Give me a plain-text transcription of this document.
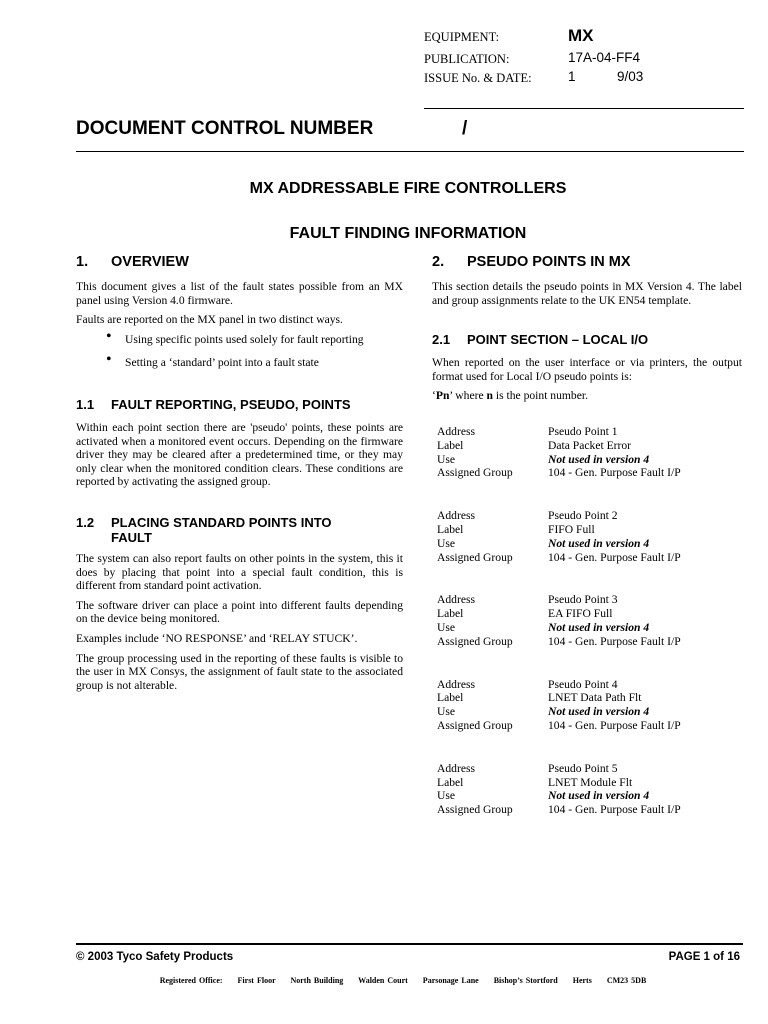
EQUIPMENT:	MX
PUBLICATION:	17A-04-FF4
ISSUE No. & DATE:	1	9/03
DOCUMENT CONTROL NUMBER	/
MX ADDRESSABLE FIRE CONTROLLERS
FAULT FINDING INFORMATION
1. OVERVIEW

This document gives a list of the fault states possible from an MX panel using Version 4.0 firmware.

Faults are reported on the MX panel in two distinct ways.

• Using specific points used solely for fault reporting
• Setting a ‘standard’ point into a fault state
1.1 FAULT REPORTING, PSEUDO, POINTS

Within each point section there are 'pseudo' points, these points are activated when a monitored event occurs. Depending on the firmware driver they may be cleared after a predetermined time, or they may only clear when the monitored condition clears. These conditions are reported by activating the assigned group.

1.2 PLACING STANDARD POINTS INTO
FAULT

The system can also report faults on other points in the system, this it does by placing that point into a special fault condition, this is different from standard point activation.

The software driver can place a point into different faults depending on the device being monitored.

Examples include ‘NO RESPONSE’ and ‘RELAY STUCK’.

The group processing used in the reporting of these faults is visible to the user in MX Consys, the assignment of fault state to the associated group is not alterable.

2. PSEUDO POINTS IN MX

This section details the pseudo points in MX Version 4. The label and group assignments relate to the UK EN54 template.

2.1 POINT SECTION – LOCAL I/O

When reported on the user interface or via printers, the output format used for Local I/O pseudo points is:

‘Pn’ where n is the point number.

Address	Pseudo Point 1
Label	Data Packet Error
Use	Not used in version 4
Assigned Group	104 - Gen. Purpose Fault I/P
Address	Pseudo Point 2
Label	FIFO Full
Use	Not used in version 4
Assigned Group	104 - Gen. Purpose Fault I/P
Address	Pseudo Point 3
Label	EA FIFO Full
Use	Not used in version 4
Assigned Group	104 - Gen. Purpose Fault I/P
Address	Pseudo Point 4
Label	LNET Data Path Flt
Use	Not used in version 4
Assigned Group	104 - Gen. Purpose Fault I/P
Address	Pseudo Point 5
Label	LNET Module Flt
Use	Not used in version 4
Assigned Group	104 - Gen. Purpose Fault I/P
© 2003 Tyco Safety Products	PAGE 1 of 16
Registered Office:     First Floor     North Building     Walden Court     Parsonage Lane     Bishop’s Stortford     Herts     CM23 5DB
